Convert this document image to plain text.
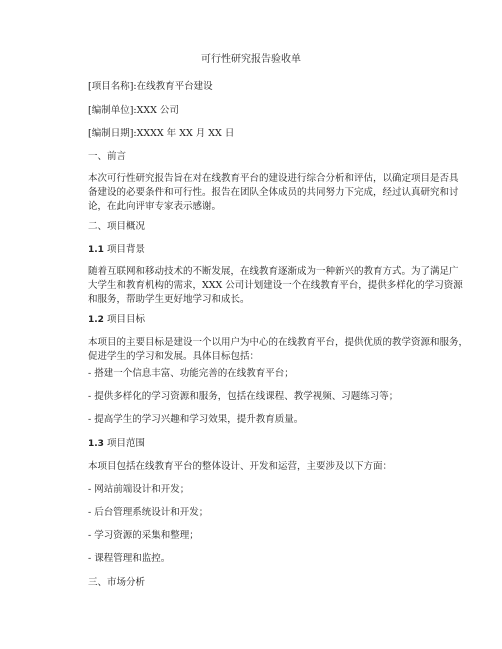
可行性研究报告验收单
[项目名称]:在线教育平台建设
[编制单位]:XXX 公司
[编制日期]:XXXX 年 XX 月 XX 日
一、前言
本次可行性研究报告旨在对在线教育平台的建设进行综合分析和评估，以确定项目是否具
备建设的必要条件和可行性。报告在团队全体成员的共同努力下完成，经过认真研究和讨
论，在此向评审专家表示感谢。
二、项目概况
1.1 项目背景
随着互联网和移动技术的不断发展，在线教育逐渐成为一种新兴的教育方式。为了满足广
大学生和教育机构的需求，XXX 公司计划建设一个在线教育平台，提供多样化的学习资源
和服务，帮助学生更好地学习和成长。
1.2 项目目标
本项目的主要目标是建设一个以用户为中心的在线教育平台，提供优质的教学资源和服务，
促进学生的学习和发展。具体目标包括：
- 搭建一个信息丰富、功能完善的在线教育平台；
- 提供多样化的学习资源和服务，包括在线课程、教学视频、习题练习等；
- 提高学生的学习兴趣和学习效果，提升教育质量。
1.3 项目范围
本项目包括在线教育平台的整体设计、开发和运营，主要涉及以下方面：
- 网站前端设计和开发；
- 后台管理系统设计和开发；
- 学习资源的采集和整理；
- 课程管理和监控。
三、市场分析
